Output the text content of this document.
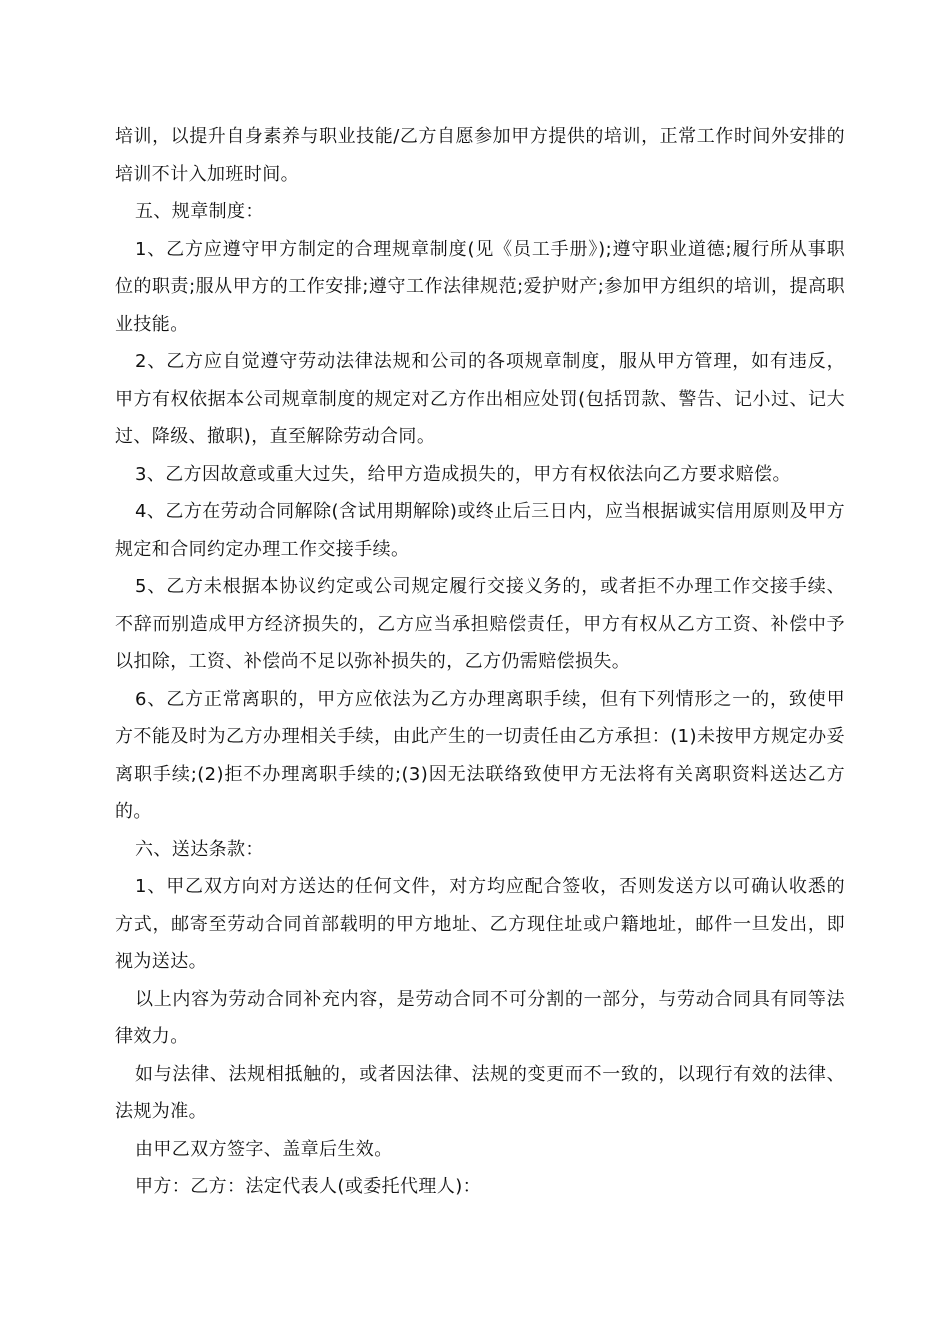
培训，以提升自身素养与职业技能/乙方自愿参加甲方提供的培训，正常工作时间外安排的培训不计入加班时间。

五、规章制度：

1、乙方应遵守甲方制定的合理规章制度(见《员工手册》);遵守职业道德;履行所从事职位的职责;服从甲方的工作安排;遵守工作法律规范;爱护财产;参加甲方组织的培训，提高职业技能。

2、乙方应自觉遵守劳动法律法规和公司的各项规章制度，服从甲方管理，如有违反，甲方有权依据本公司规章制度的规定对乙方作出相应处罚(包括罚款、警告、记小过、记大过、降级、撤职)，直至解除劳动合同。

3、乙方因故意或重大过失，给甲方造成损失的，甲方有权依法向乙方要求赔偿。

4、乙方在劳动合同解除(含试用期解除)或终止后三日内，应当根据诚实信用原则及甲方规定和合同约定办理工作交接手续。

5、乙方未根据本协议约定或公司规定履行交接义务的，或者拒不办理工作交接手续、不辞而别造成甲方经济损失的，乙方应当承担赔偿责任，甲方有权从乙方工资、补偿中予以扣除，工资、补偿尚不足以弥补损失的，乙方仍需赔偿损失。

6、乙方正常离职的，甲方应依法为乙方办理离职手续，但有下列情形之一的，致使甲方不能及时为乙方办理相关手续，由此产生的一切责任由乙方承担：(1)未按甲方规定办妥离职手续;(2)拒不办理离职手续的;(3)因无法联络致使甲方无法将有关离职资料送达乙方的。

六、送达条款：

1、甲乙双方向对方送达的任何文件，对方均应配合签收，否则发送方以可确认收悉的方式，邮寄至劳动合同首部载明的甲方地址、乙方现住址或户籍地址，邮件一旦发出，即视为送达。

以上内容为劳动合同补充内容，是劳动合同不可分割的一部分，与劳动合同具有同等法律效力。

如与法律、法规相抵触的，或者因法律、法规的变更而不一致的，以现行有效的法律、法规为准。

由甲乙双方签字、盖章后生效。

甲方：乙方：法定代表人(或委托代理人)：
